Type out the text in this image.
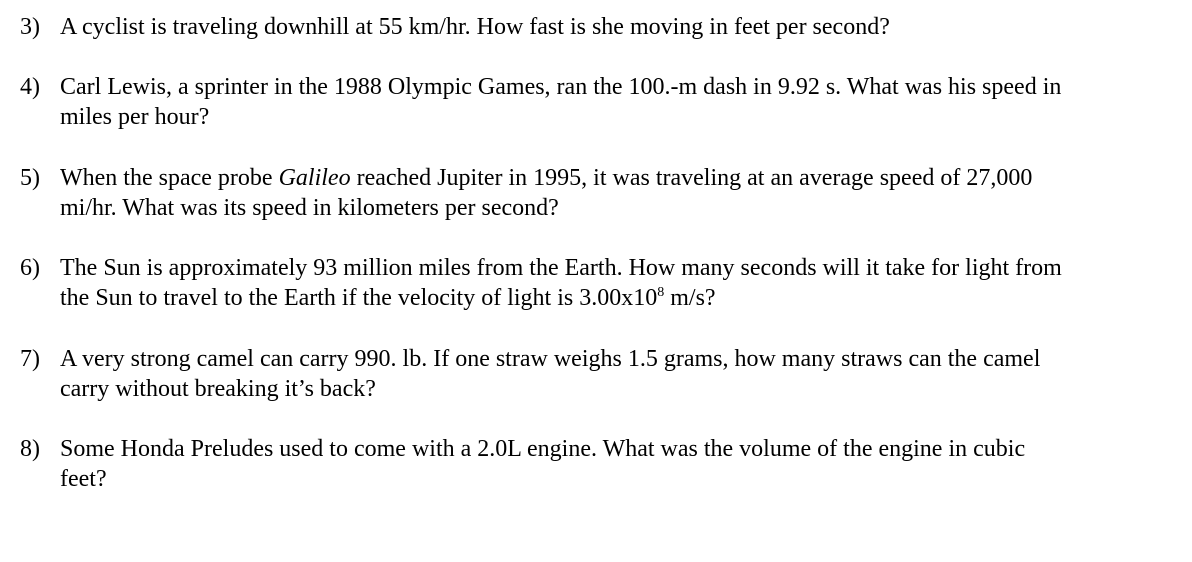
3) A cyclist is traveling downhill at 55 km/hr. How fast is she moving in feet per second?
4) Carl Lewis, a sprinter in the 1988 Olympic Games, ran the 100.-m dash in 9.92 s. What was his speed in
miles per hour?
5) When the space probe Galileo reached Jupiter in 1995, it was traveling at an average speed of 27,000
mi/hr. What was its speed in kilometers per second?
6) The Sun is approximately 93 million miles from the Earth. How many seconds will it take for light from
the Sun to travel to the Earth if the velocity of light is $3.00x10^8$ m/s?
7) A very strong camel can carry 990. lb. If one straw weighs 1.5 grams, how many straws can the camel
carry without breaking it’s back?
8) Some Honda Preludes used to come with a 2.0L engine. What was the volume of the engine in cubic
feet?
